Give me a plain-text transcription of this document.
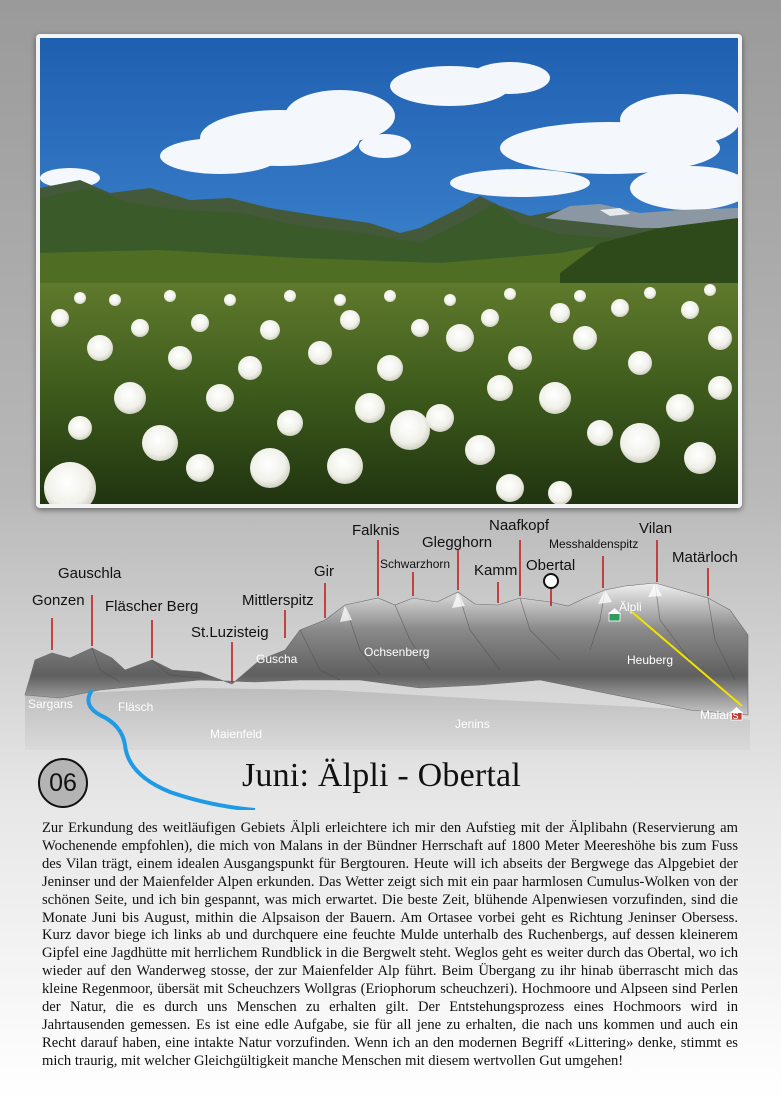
Gonzen
Gauschla
Fläscher Berg
St.Luzisteig
Mittlerspitz
Gir
Falknis
Schwarzhorn
Glegghorn
Kamm
Naafkopf
Obertal
Messhaldenspitz
Vilan
Matärloch
Sargans	Fläsch
Maienfeld
Guscha	Ochsenberg
Jenins
Heuberg
Älpli
Malans
06	Juni: Älpli - Obertal

Zur Erkundung des weitläufigen Gebiets Älpli erleichtere ich mir den Aufstieg mit der Älplibahn (Reservierung am Wochenende empfohlen), die mich von Malans in der Bündner Herrschaft auf 1800 Meter Meereshöhe bis zum Fuss des Vilan trägt, einem idealen Ausgangspunkt für Bergtouren. Heute will ich abseits der Bergwege das Alpgebiet der Jeninser und der Maienfelder Alpen erkunden. Das Wetter zeigt sich mit ein paar harmlosen Cumulus-Wolken von der schönen Seite, und ich bin gespannt, was mich erwartet. Die beste Zeit, blühende Alpenwiesen vorzufinden, sind die Monate Juni bis August, mithin die Alpsaison der Bauern. Am Ortasee vorbei geht es Richtung Jeninser Obersess. Kurz davor biege ich links ab und durchquere eine feuchte Mulde unterhalb des Ruchenbergs, auf dessen kleinerem Gipfel eine Jagdhütte mit herrlichem Rundblick in die Bergwelt steht. Weglos geht es weiter durch das Obertal, wo ich wieder auf den Wanderweg stosse, der zur Maienfelder Alp führt. Beim Übergang zu ihr hinab überrascht mich das kleine Regenmoor, übersät mit Scheuchzers Wollgras (Eriophorum scheuchzeri). Hochmoore und Alpseen sind Perlen der Natur, die es durch uns Menschen zu erhalten gilt. Der Entstehungsprozess eines Hochmoors wird in Jahrtausenden gemessen. Es ist eine edle Aufgabe, sie für all jene zu erhalten, die nach uns kommen und auch ein Recht darauf haben, eine intakte Natur vorzufinden. Wenn ich an den modernen Begriff «Littering» denke, stimmt es mich traurig, mit welcher Gleichgültigkeit manche Menschen mit diesem wertvollen Gut umgehen!
